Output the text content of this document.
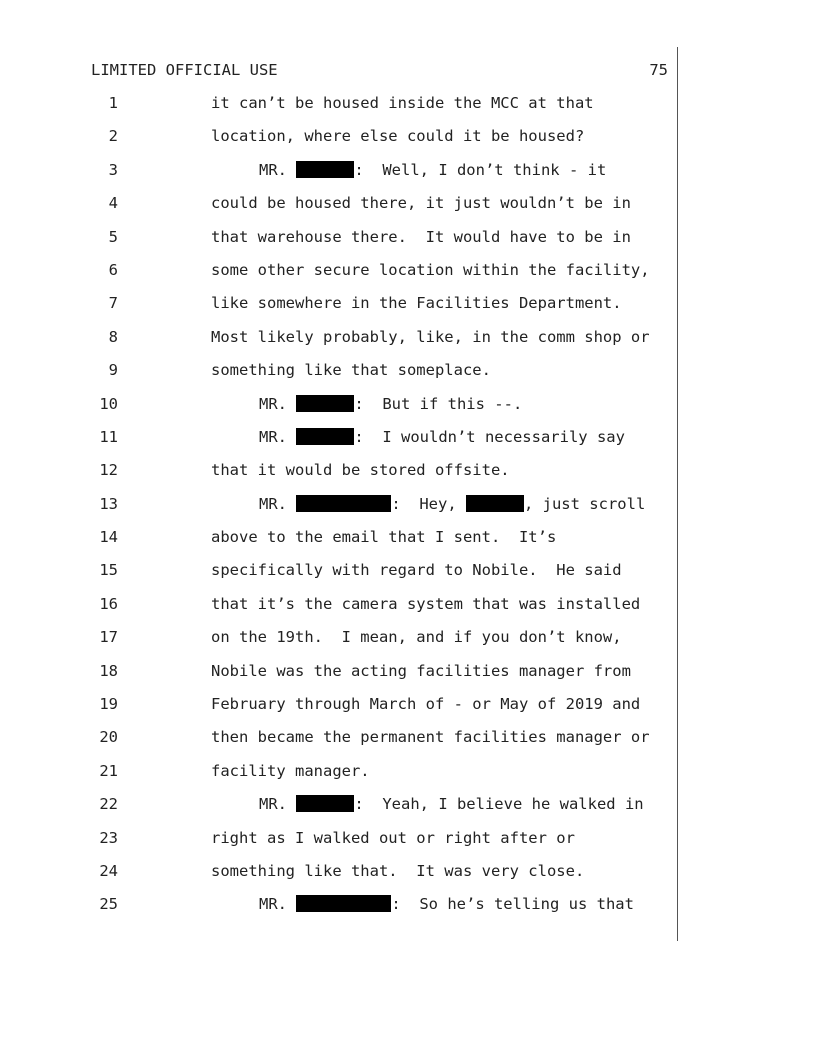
LIMITED OFFICIAL USE	75
1	it can’t be housed inside the MCC at that
2	location, where else could it be housed?
3	MR.	:  Well, I don’t think - it
4	could be housed there, it just wouldn’t be in
5	that warehouse there.  It would have to be in
6	some other secure location within the facility,
7	like somewhere in the Facilities Department.
8	Most likely probably, like, in the comm shop or
9	something like that someplace.
10	MR.	:  But if this --.
11	MR.	:  I wouldn’t necessarily say
12	that it would be stored offsite.
13	MR.	:  Hey,	, just scroll
14	above to the email that I sent.  It’s
15	specifically with regard to Nobile.  He said
16	that it’s the camera system that was installed
17	on the 19th.  I mean, and if you don’t know,
18	Nobile was the acting facilities manager from
19	February through March of - or May of 2019 and
20	then became the permanent facilities manager or
21	facility manager.
22	MR.	:  Yeah, I believe he walked in
23	right as I walked out or right after or
24	something like that.  It was very close.
25	MR.	:  So he’s telling us that
